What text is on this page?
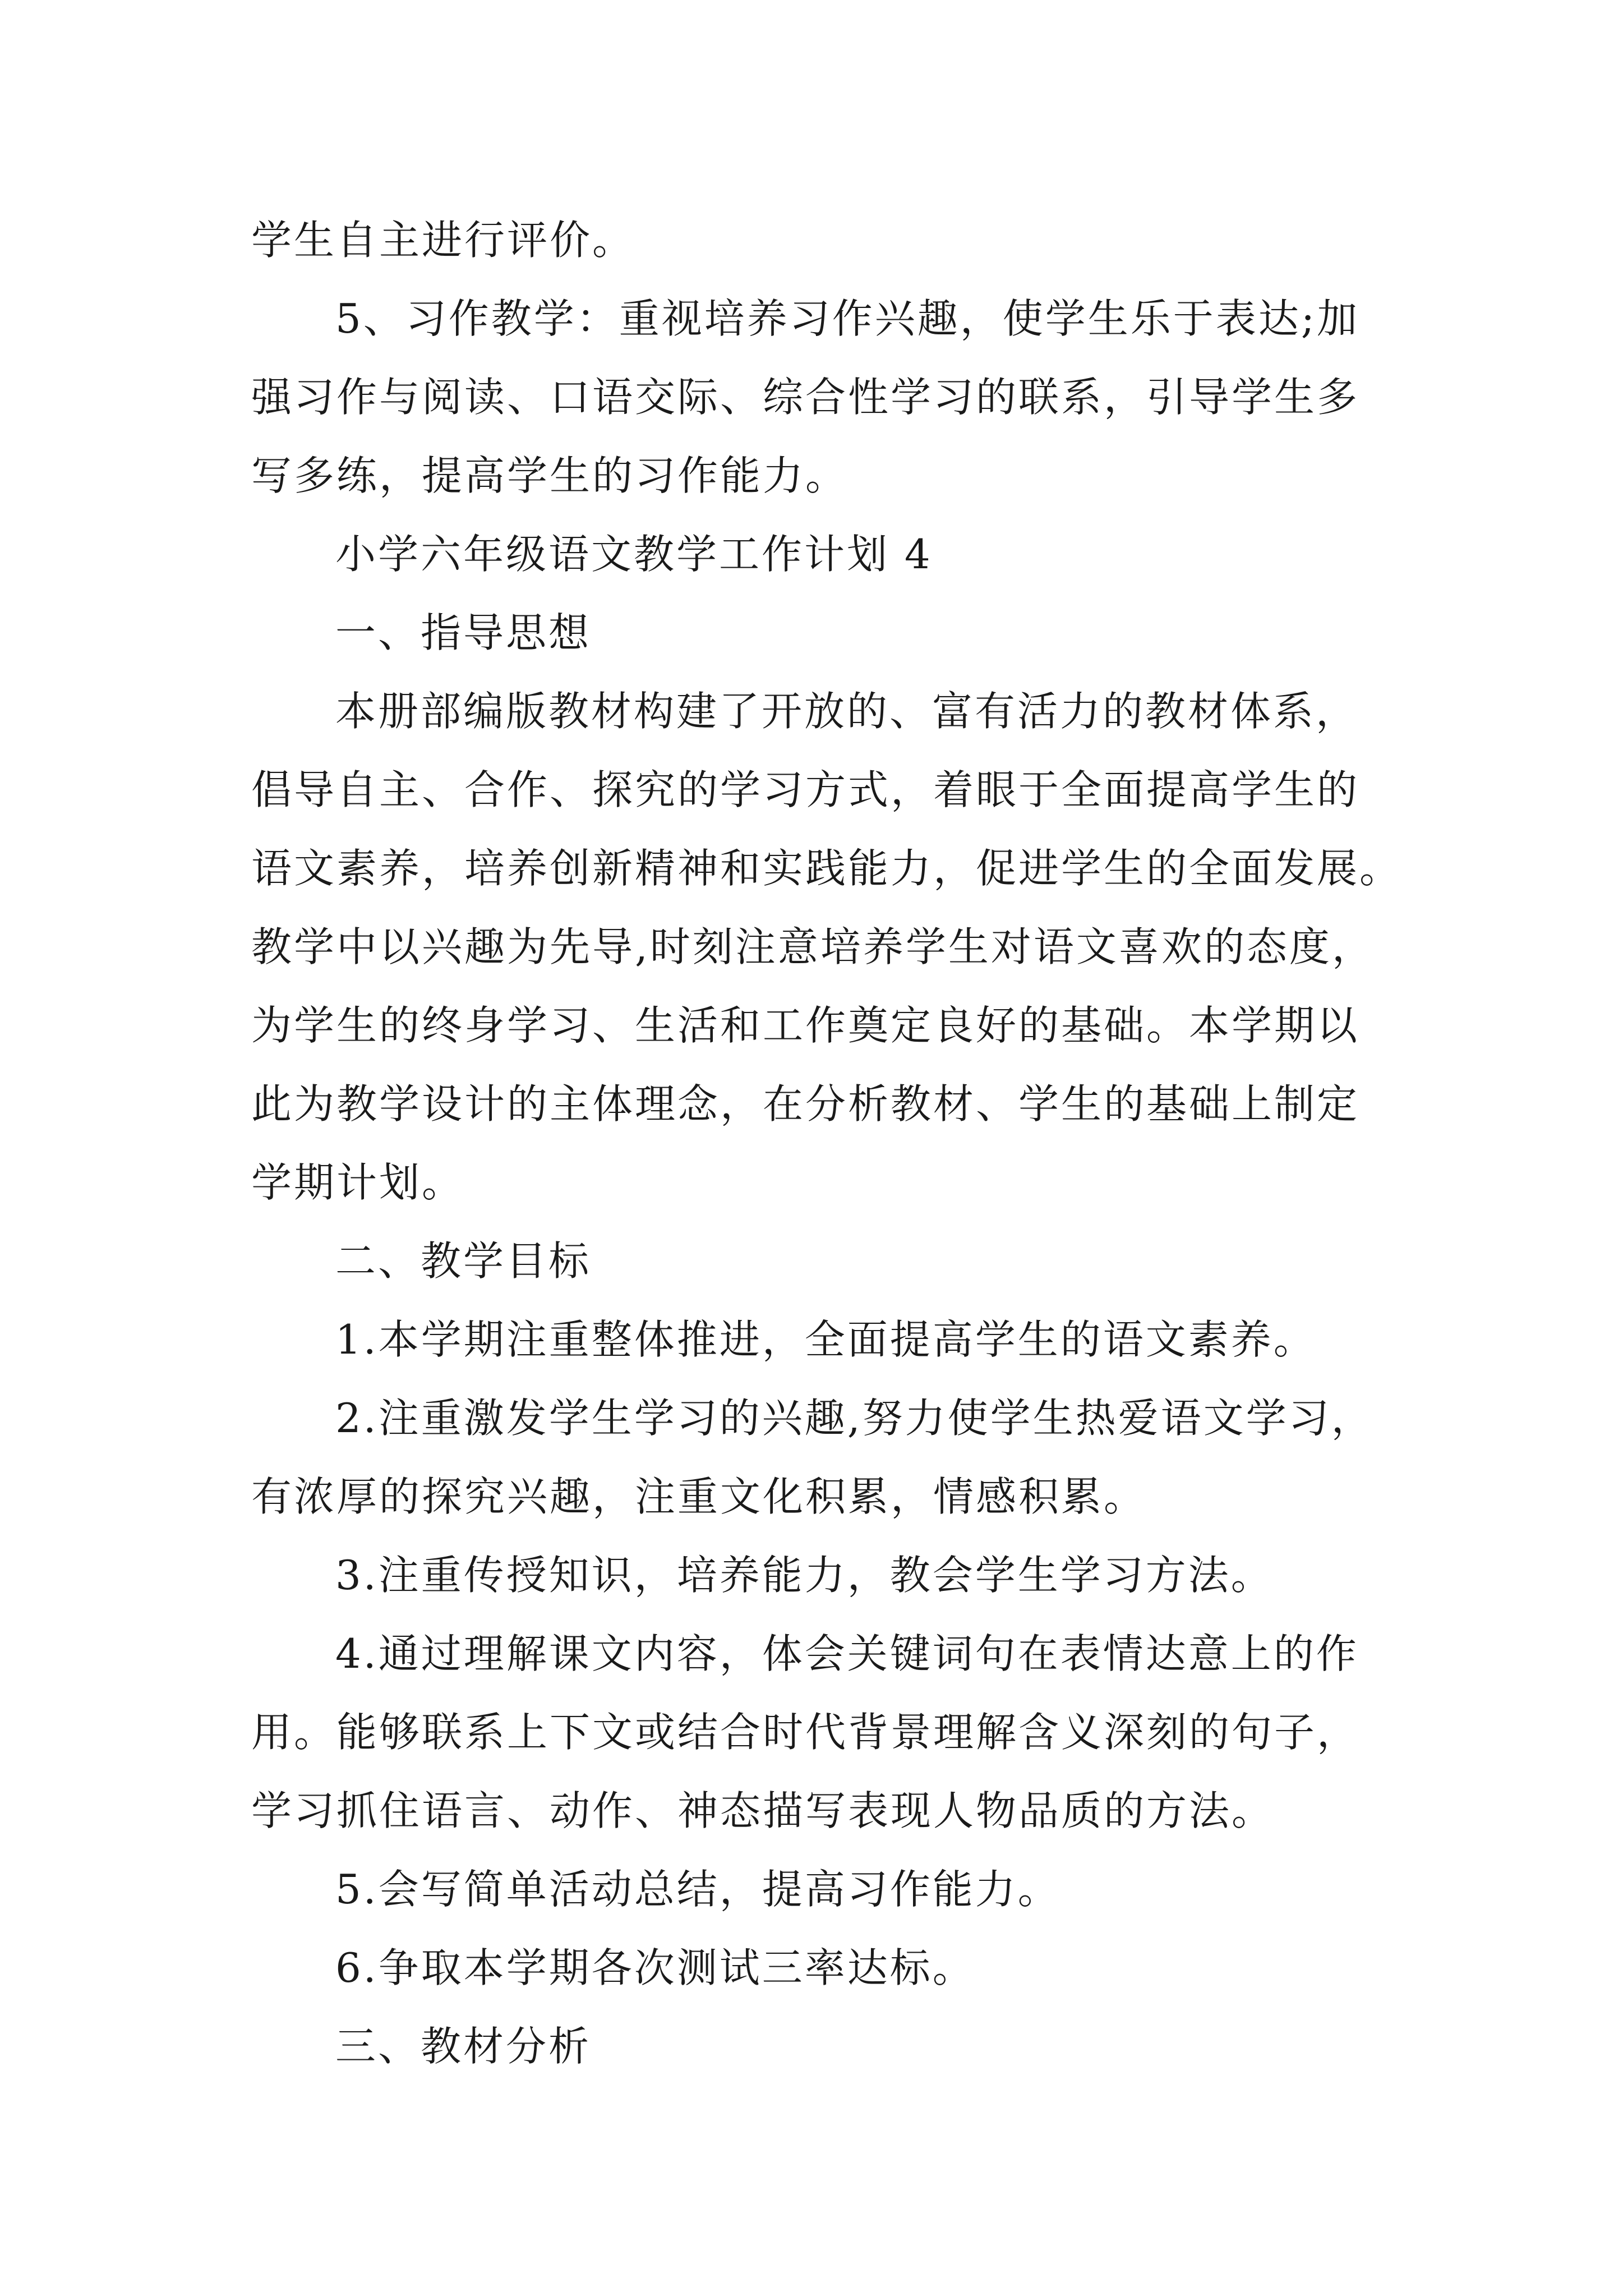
学生自主进行评价。
5、习作教学：重视培养习作兴趣，使学生乐于表达;加
强习作与阅读、口语交际、综合性学习的联系，引导学生多
写多练，提高学生的习作能力。
小学六年级语文教学工作计划 4
一、指导思想
本册部编版教材构建了开放的、富有活力的教材体系，
倡导自主、合作、探究的学习方式，着眼于全面提高学生的
语文素养，培养创新精神和实践能力，促进学生的全面发展。
教学中以兴趣为先导,时刻注意培养学生对语文喜欢的态度，
为学生的终身学习、生活和工作奠定良好的基础。本学期以
此为教学设计的主体理念，在分析教材、学生的基础上制定
学期计划。
二、教学目标
1.本学期注重整体推进，全面提高学生的语文素养。
2.注重激发学生学习的兴趣,努力使学生热爱语文学习，
有浓厚的探究兴趣，注重文化积累，情感积累。
3.注重传授知识，培养能力，教会学生学习方法。
4.通过理解课文内容，体会关键词句在表情达意上的作
用。能够联系上下文或结合时代背景理解含义深刻的句子，
学习抓住语言、动作、神态描写表现人物品质的方法。
5.会写简单活动总结，提高习作能力。
6.争取本学期各次测试三率达标。
三、教材分析
